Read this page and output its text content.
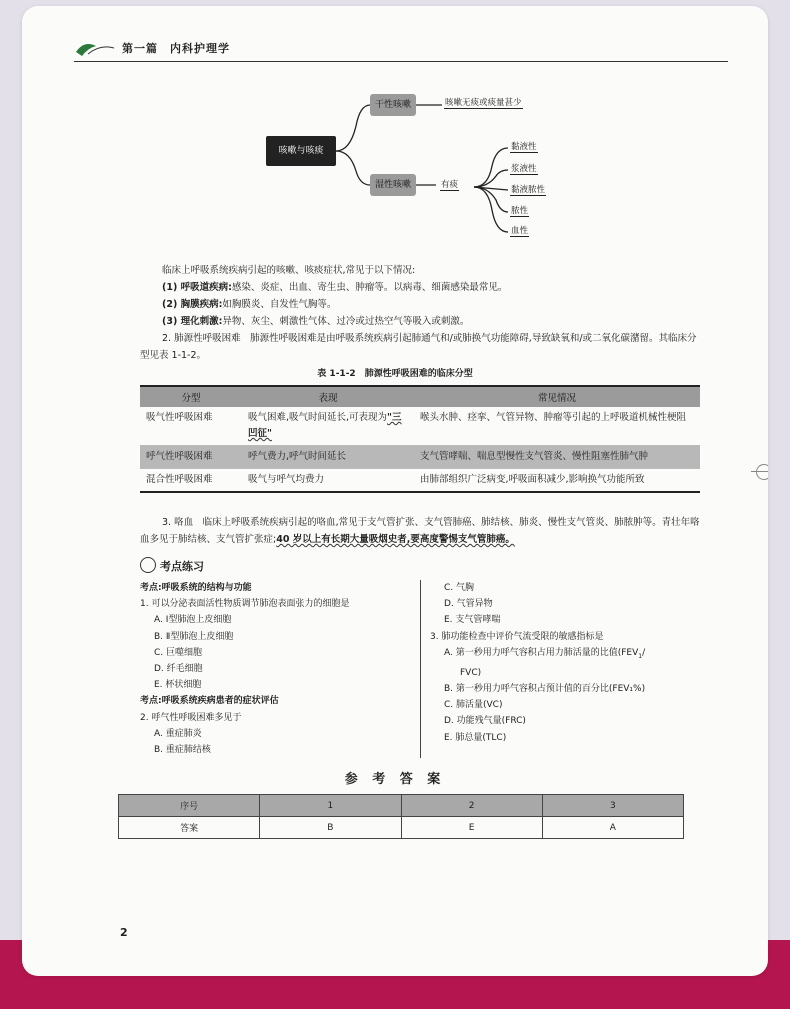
第一篇　内科护理学
咳嗽与咳痰
干性咳嗽
湿性咳嗽
咳嗽无痰或痰量甚少
有痰
黏液性
浆液性
黏液脓性
脓性
血性
临床上呼吸系统疾病引起的咳嗽、咳痰症状,常见于以下情况:
(1) 呼吸道疾病:感染、炎症、出血、寄生虫、肿瘤等。以病毒、细菌感染最常见。
(2) 胸膜疾病:如胸膜炎、自发性气胸等。
(3) 理化刺激:异物、灰尘、刺激性气体、过冷或过热空气等吸入或刺激。
2. 肺源性呼吸困难　 肺源性呼吸困难是由呼吸系统疾病引起肺通气和/或肺换气功能障碍,导致缺氧和/或二氧化碳潴留。其临床分型见表 1-1-2。
表 1-1-2　肺源性呼吸困难的临床分型
分型	表现	常见情况
吸气性呼吸困难	吸气困难,吸气时间延长,可表现为"三凹征"	喉头水肿、痉挛、气管异物、肿瘤等引起的上呼吸道机械性梗阻
呼气性呼吸困难	呼气费力,呼气时间延长	支气管哮喘、喘息型慢性支气管炎、慢性阻塞性肺气肿
混合性呼吸困难	吸气与呼气均费力	由肺部组织广泛病变,呼吸面积减少,影响换气功能所致
3. 咯血　 临床上呼吸系统疾病引起的咯血,常见于支气管扩张、支气管肺癌、肺结核、肺炎、慢性支气管炎、肺脓肿等。青壮年咯血多见于肺结核、支气管扩张症;40 岁以上有长期大量吸烟史者,要高度警惕支气管肺癌。
考点练习
考点:呼吸系统的结构与功能
1. 可以分泌表面活性物质调节肺泡表面张力的细胞是
A. Ⅰ型肺泡上皮细胞
B. Ⅱ型肺泡上皮细胞
C. 巨噬细胞
D. 纤毛细胞
E. 杯状细胞
考点:呼吸系统疾病患者的症状评估
2. 呼气性呼吸困难多见于
A. 重症肺炎
B. 重症肺结核
C. 气胸
D. 气管异物
E. 支气管哮喘
3. 肺功能检查中评价气流受限的敏感指标是
A. 第一秒用力呼气容积占用力肺活量的比值($FEV_1/$
FVC)
B. 第一秒用力呼气容积占预计值的百分比(FEV₁%)
C. 肺活量(VC)
D. 功能残气量(FRC)
E. 肺总量(TLC)
参 考 答 案
序号	1	2	3
答案	B	E	A
2
